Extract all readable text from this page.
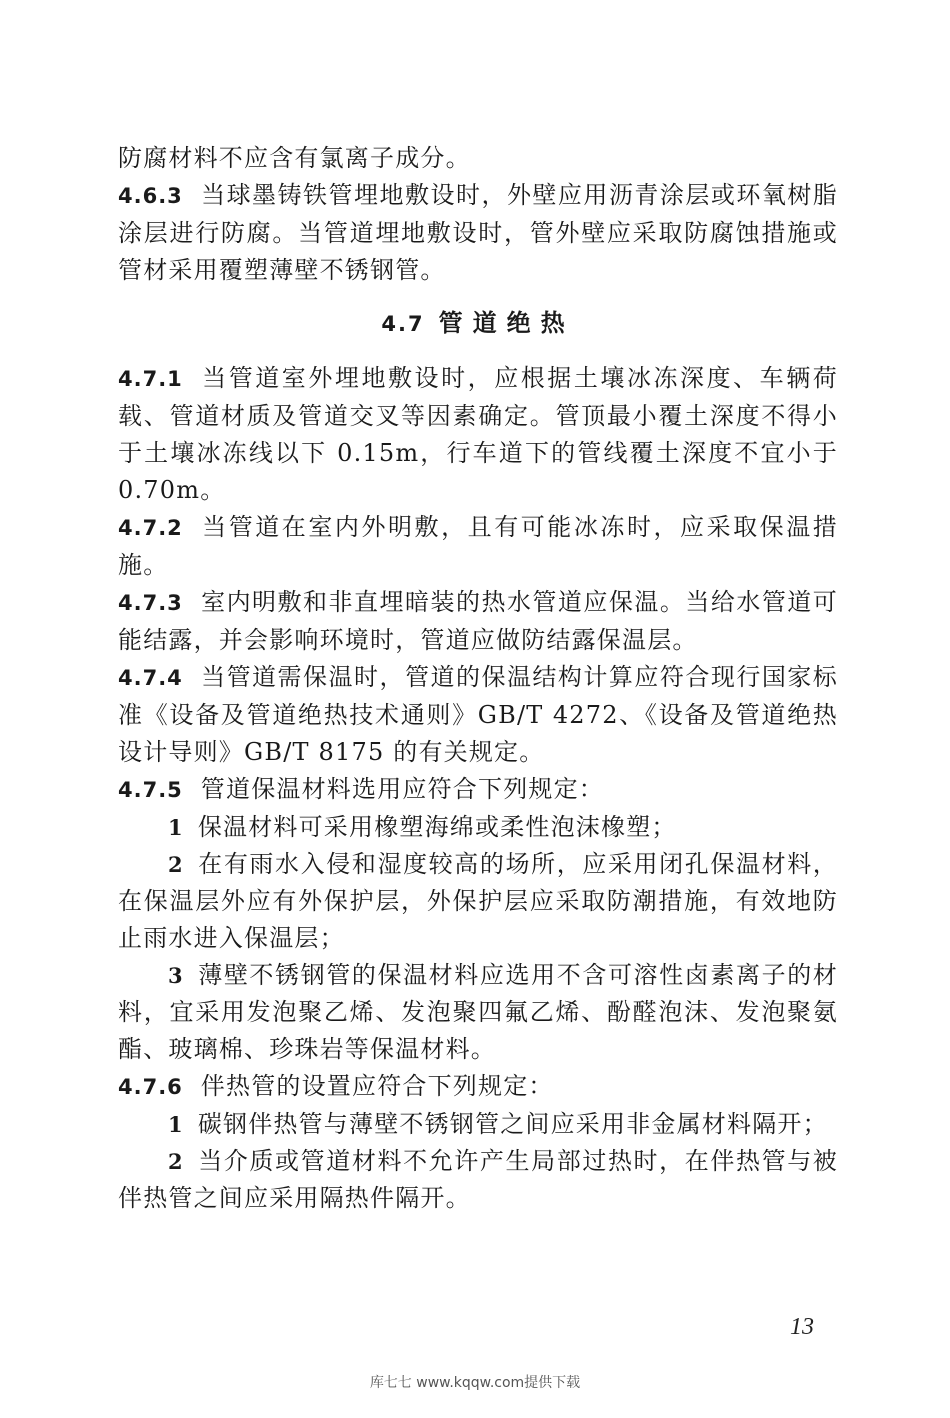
防腐材料不应含有氯离子成分。

4.6.3 当球墨铸铁管埋地敷设时，外壁应用沥青涂层或环氧树脂涂层进行防腐。当管道埋地敷设时，管外壁应采取防腐蚀措施或管材采用覆塑薄壁不锈钢管。

4.7 管道绝热

4.7.1 当管道室外埋地敷设时，应根据土壤冰冻深度、车辆荷载、管道材质及管道交叉等因素确定。管顶最小覆土深度不得小于土壤冰冻线以下 0.15m，行车道下的管线覆土深度不宜小于 0.70m。

4.7.2 当管道在室内外明敷，且有可能冰冻时，应采取保温措施。

4.7.3 室内明敷和非直埋暗装的热水管道应保温。当给水管道可能结露，并会影响环境时，管道应做防结露保温层。

4.7.4 当管道需保温时，管道的保温结构计算应符合现行国家标准《设备及管道绝热技术通则》GB/T 4272、《设备及管道绝热设计导则》GB/T 8175 的有关规定。

4.7.5 管道保温材料选用应符合下列规定：

1 保温材料可采用橡塑海绵或柔性泡沫橡塑；

2 在有雨水入侵和湿度较高的场所，应采用闭孔保温材料，在保温层外应有外保护层，外保护层应采取防潮措施，有效地防止雨水进入保温层；

3 薄壁不锈钢管的保温材料应选用不含可溶性卤素离子的材料，宜采用发泡聚乙烯、发泡聚四氟乙烯、酚醛泡沫、发泡聚氨酯、玻璃棉、珍珠岩等保温材料。

4.7.6 伴热管的设置应符合下列规定：

1 碳钢伴热管与薄壁不锈钢管之间应采用非金属材料隔开；

2 当介质或管道材料不允许产生局部过热时，在伴热管与被伴热管之间应采用隔热件隔开。

13
库七七 www.kqqw.com提供下载
